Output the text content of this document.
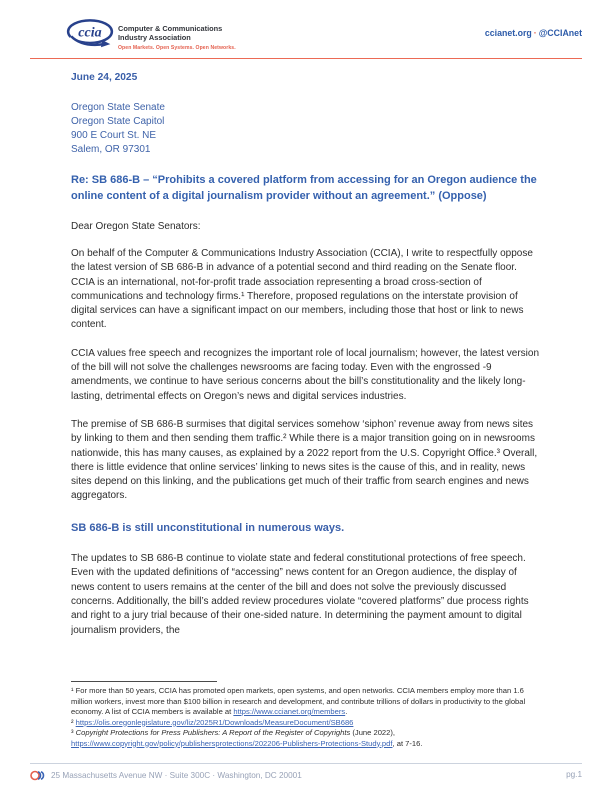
ccia Computer & Communications
Industry Association
Open Markets. Open Systems. Open Networks.
ccianet.org · @CCIAnet
June 24, 2025
Oregon State Senate
Oregon State Capitol
900 E Court St. NE
Salem, OR 97301
Re: SB 686-B – “Prohibits a covered platform from accessing for an Oregon audience the online content of a digital journalism provider without an agreement.” (Oppose)
Dear Oregon State Senators:

On behalf of the Computer & Communications Industry Association (CCIA), I write to respectfully oppose the latest version of SB 686-B in advance of a potential second and third reading on the Senate floor. CCIA is an international, not-for-profit trade association representing a broad cross-section of communications and technology firms.¹ Therefore, proposed regulations on the interstate provision of digital services can have a significant impact on our members, including those that host or link to news content.

CCIA values free speech and recognizes the important role of local journalism; however, the latest version of the bill will not solve the challenges newsrooms are facing today. Even with the engrossed -9 amendments, we continue to have serious concerns about the bill’s constitutionality and the likely long-lasting, detrimental effects on Oregon’s news and digital services industries.

The premise of SB 686-B surmises that digital services somehow ‘siphon’ revenue away from news sites by linking to them and then sending them traffic.² While there is a major transition going on in newsrooms nationwide, this has many causes, as explained by a 2022 report from the U.S. Copyright Office.³ Overall, there is little evidence that online services’ linking to news sites is the cause of this, and in reality, news sites depend on this linking, and the publications get much of their traffic from search engines and news aggregators.

SB 686-B is still unconstitutional in numerous ways.

The updates to SB 686-B continue to violate state and federal constitutional protections of free speech. Even with the updated definitions of “accessing” news content for an Oregon audience, the display of news content to users remains at the center of the bill and does not solve the previously discussed concerns. Additionally, the bill’s added review procedures violate “covered platforms” due process rights and right to a jury trial because of their one-sided nature. In determining the payment amount to digital journalism providers, the

¹ For more than 50 years, CCIA has promoted open markets, open systems, and open networks. CCIA members employ more than 1.6 million workers, invest more than $100 billion in research and development, and contribute trillions of dollars in productivity to the global economy. A list of CCIA members is available at https://www.ccianet.org/members.
² https://olis.oregonlegislature.gov/liz/2025R1/Downloads/MeasureDocument/SB686
³ Copyright Protections for Press Publishers: A Report of the Register of Copyrights (June 2022), https://www.copyright.gov/policy/publishersprotections/202206-Publishers-Protections-Study.pdf, at 7-16.
25 Massachusetts Avenue NW · Suite 300C · Washington, DC 20001	pg.1
